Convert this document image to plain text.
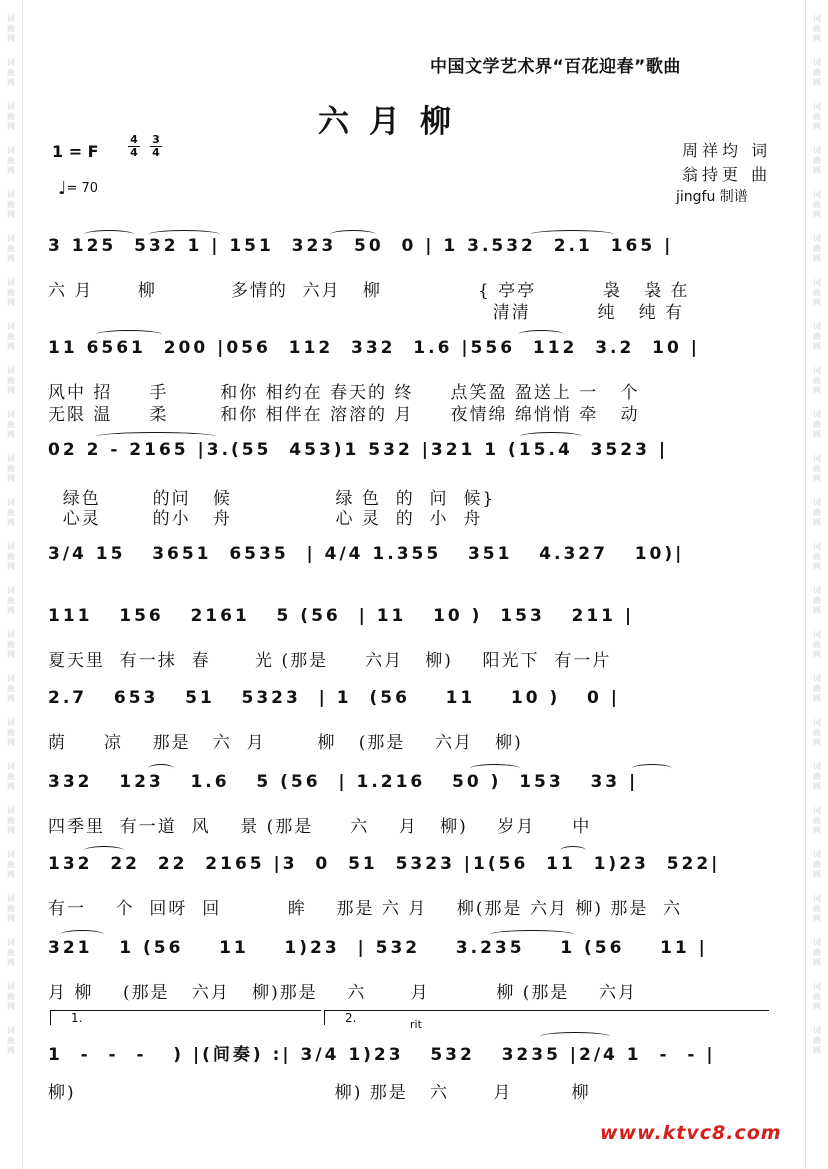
词
曲
网
词
曲
网
词
曲
网
词
曲
网
词
曲
网
词
曲
网
词
曲
网
词
曲
网
词
曲
网
词
曲
网
词
曲
网
词
曲
网
词
曲
网
词
曲
网
词
曲
网
词
曲
网
词
曲
网
词
曲
网
词
曲
网
词
曲
网
词
曲
网
词
曲
网
词
曲
网
词
曲
网
词
曲
网
词
曲
网
词
曲
网
词
曲
网
词
曲
网
词
曲
网
词
曲
网
词
曲
网
词
曲
网
词
曲
网
词
曲
网
词
曲
网
词
曲
网
词
曲
网
词
曲
网
词
曲
网
词
曲
网
词
曲
网
词
曲
网
词
曲
网
词
曲
网
词
曲
网
词
曲
网
词
曲
网
中国文学艺术界“百花迎春”歌曲
六月柳
1 = F
4
4
3
4
♩= 70
周祥均 词
翁持更 曲
jingfu 制谱
3 125  532 1 | 151  323  50  0 | 1 3.532  2.1  165 |
六 月      柳          多情的  六月   柳	{ 亭亭         袅   袅 在
清清         纯   纯 有
11 6561  200 |056  112  332  1.6 |556  112  3.2  10 |
风中 招     手       和你 相约在 春天的 终     点笑盈 盈送上 一   个
无限 温     柔       和你 相伴在 溶溶的 月     夜情绵 绵悄悄 牵   动
02 2 - 2165 |3.(55  453)1 532 |321 1 (15.4  3523 |
绿色       的问   候              绿 色  的  问  候}
心灵       的小   舟              心 灵  的  小  舟
3/4 15   3651  6535  | 4/4 1.355   351   4.327   10)|
111   156   2161   5 (56  | 11   10 )  153   211 |
夏天里  有一抹  春      光 (那是     六月   柳)    阳光下  有一片
2.7   653   51   5323  | 1  (56    11    10 )   0 |
荫     凉    那是   六  月       柳   (那是    六月   柳)
332   123   1.6   5 (56  | 1.216   50 )  153   33 |
四季里  有一道  风    景 (那是     六    月   柳)    岁月     中
132  22  22  2165 |3  0  51  5323 |1(56  11  1)23  522|
有一    个  回呀  回         眸    那是 六 月    柳(那是 六月 柳) 那是  六
321   1 (56    11    1)23  | 532    3.235    1 (56    11 |
月 柳    (那是   六月   柳)那是    六      月         柳 (那是    六月
1.	2.	rit
1  -  -  -   ) |(间奏) :| 3/4 1)23   532   3235 |2/4 1  -  - |
柳)                                   柳) 那是   六      月        柳
www.ktvc8.com
